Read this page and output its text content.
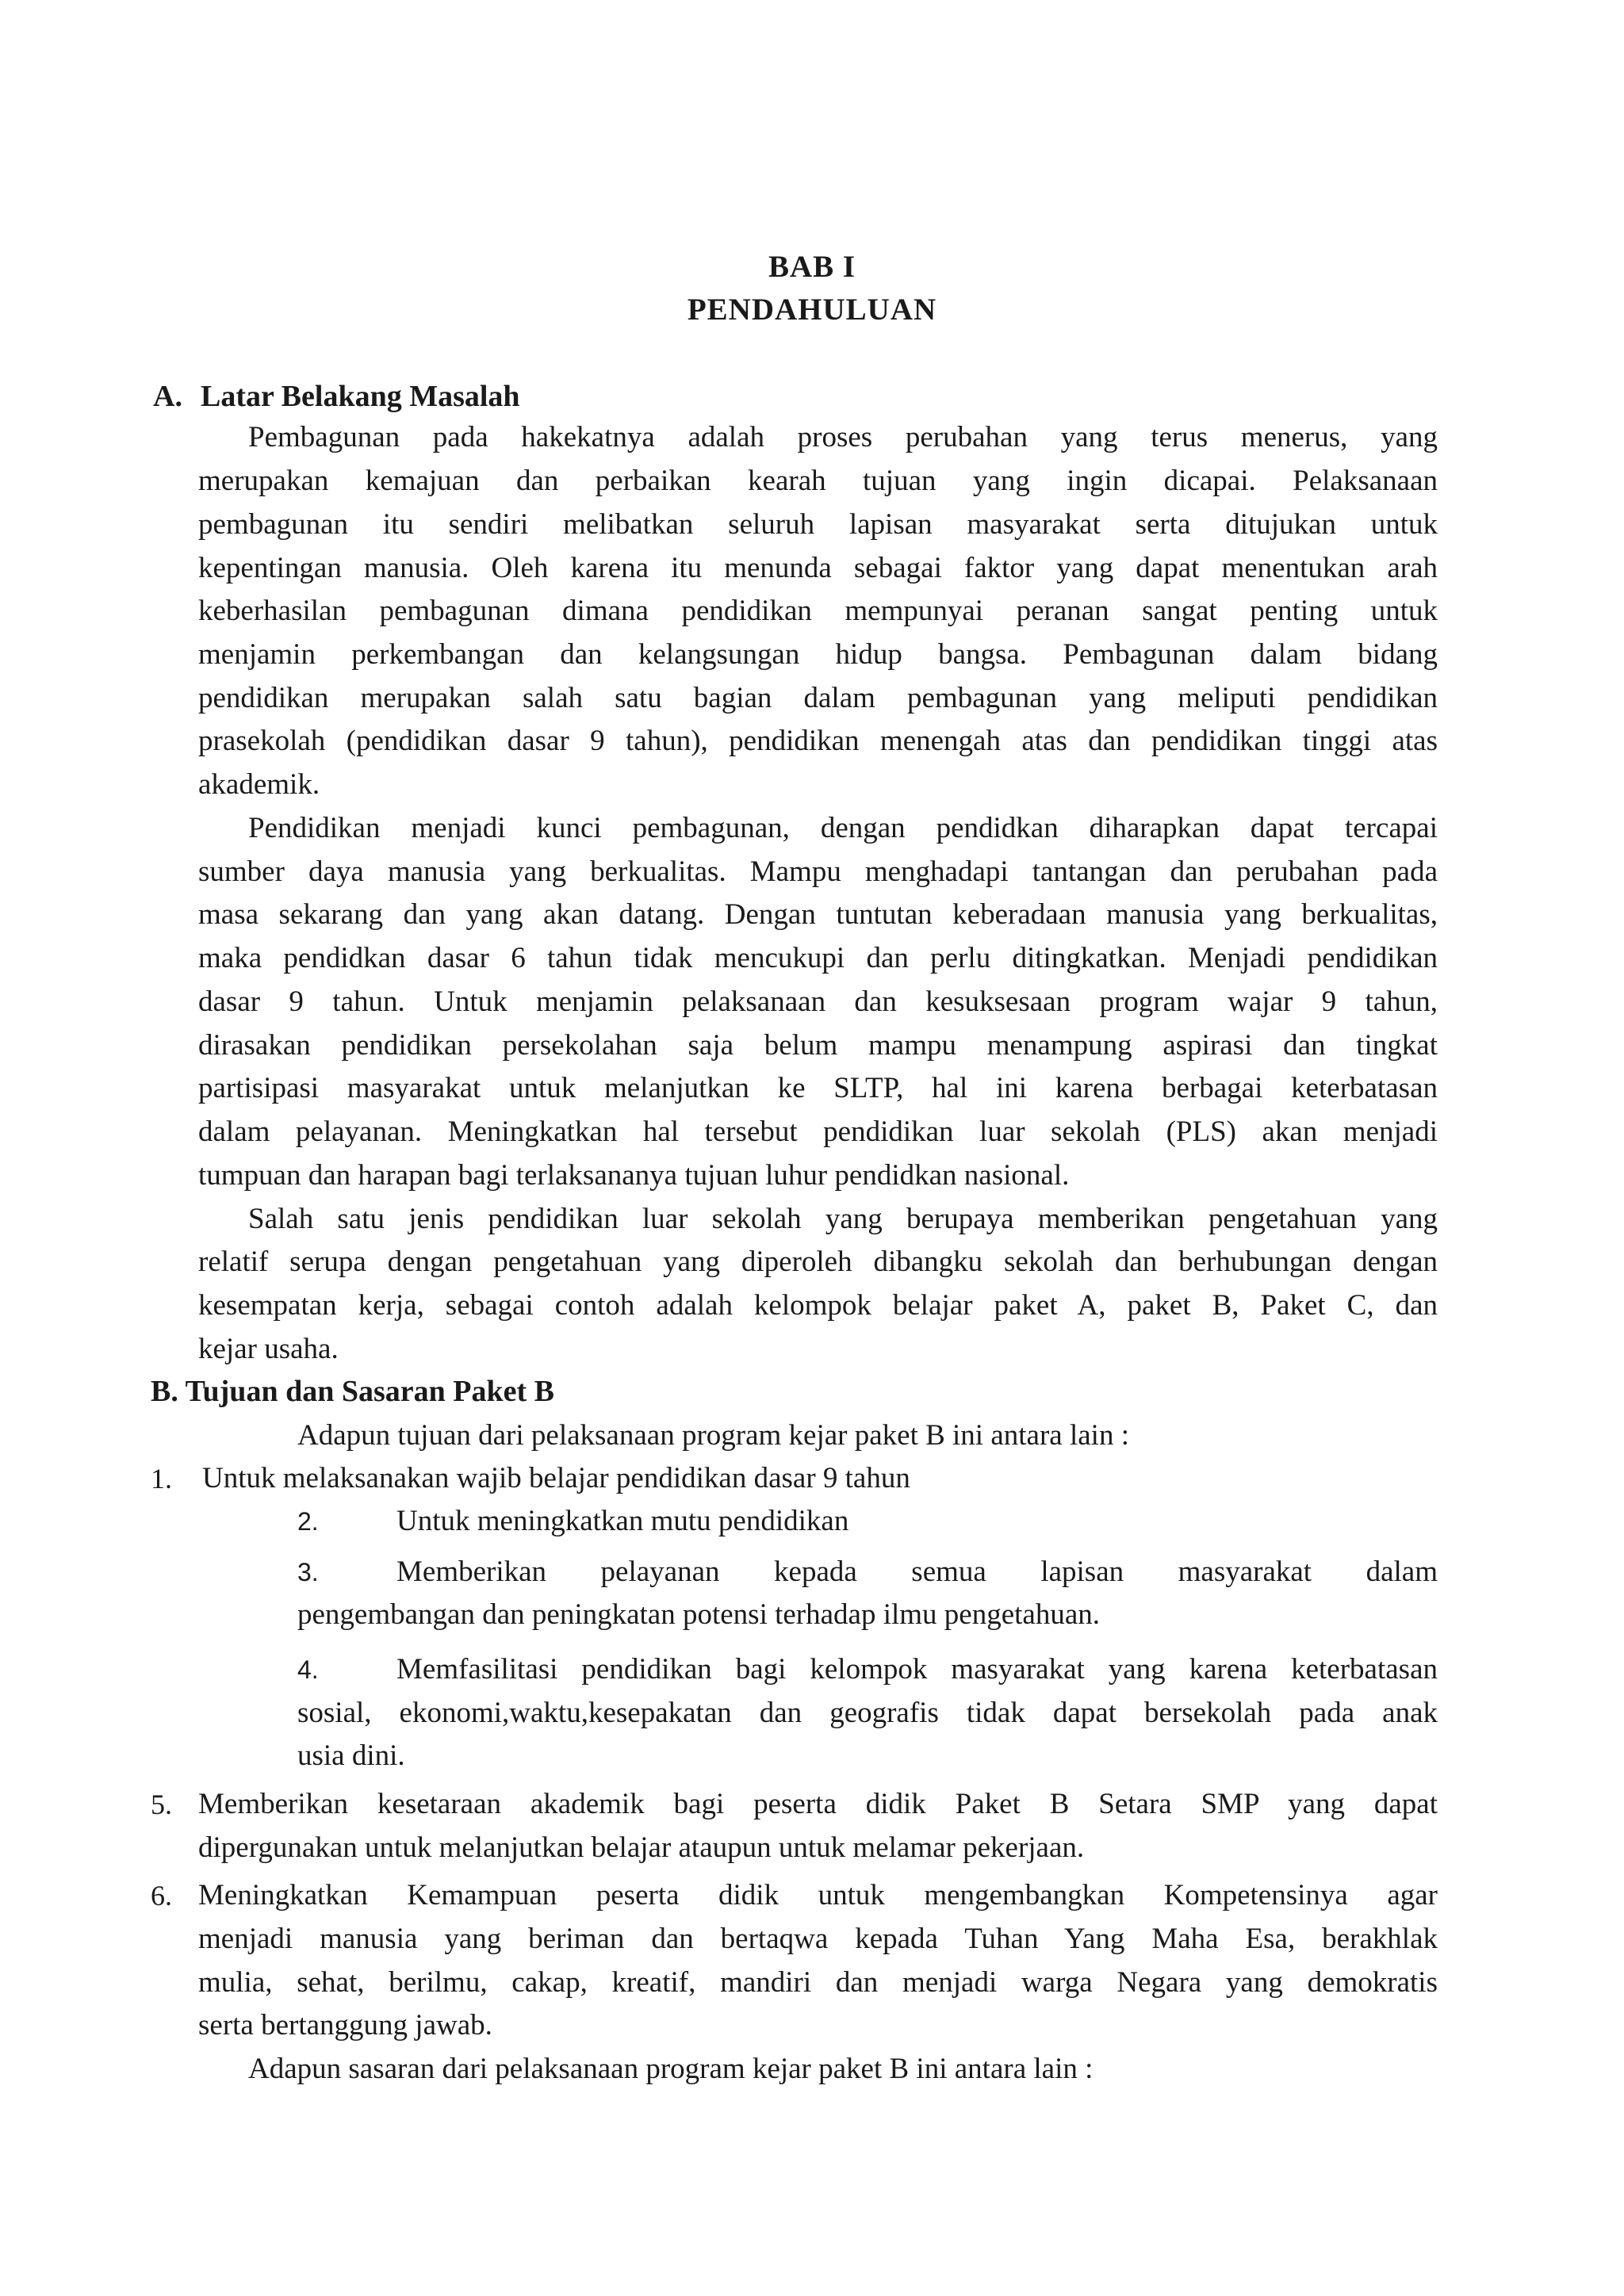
BAB I
PENDAHULUAN
A. Latar Belakang Masalah
Pembagunan pada hakekatnya adalah proses perubahan yang terus menerus, yang
merupakan kemajuan dan perbaikan kearah tujuan yang ingin dicapai. Pelaksanaan
pembagunan itu sendiri melibatkan seluruh lapisan masyarakat serta ditujukan untuk
kepentingan manusia. Oleh karena itu menunda sebagai faktor yang dapat menentukan arah
keberhasilan pembagunan dimana pendidikan mempunyai peranan sangat penting untuk
menjamin perkembangan dan kelangsungan hidup bangsa. Pembagunan dalam bidang
pendidikan merupakan salah satu bagian dalam pembagunan yang meliputi pendidikan
prasekolah (pendidikan dasar 9 tahun), pendidikan menengah atas dan pendidikan tinggi atas
akademik.
Pendidikan menjadi kunci pembagunan, dengan pendidkan diharapkan dapat tercapai
sumber daya manusia yang berkualitas. Mampu menghadapi tantangan dan perubahan pada
masa sekarang dan yang akan datang. Dengan tuntutan keberadaan manusia yang berkualitas,
maka pendidkan dasar 6 tahun tidak mencukupi dan perlu ditingkatkan. Menjadi pendidikan
dasar 9 tahun. Untuk menjamin pelaksanaan dan kesuksesaan program wajar 9 tahun,
dirasakan pendidikan persekolahan saja belum mampu menampung aspirasi dan tingkat
partisipasi masyarakat untuk melanjutkan ke SLTP, hal ini karena berbagai keterbatasan
dalam pelayanan. Meningkatkan hal tersebut pendidikan luar sekolah (PLS) akan menjadi
tumpuan dan harapan bagi terlaksananya tujuan luhur pendidkan nasional.
Salah satu jenis pendidikan luar sekolah yang berupaya memberikan pengetahuan yang
relatif serupa dengan pengetahuan yang diperoleh dibangku sekolah dan berhubungan dengan
kesempatan kerja, sebagai contoh adalah kelompok belajar paket A, paket B, Paket C, dan
kejar usaha.
B. Tujuan dan Sasaran Paket B
Adapun tujuan dari pelaksanaan program kejar paket B ini antara lain :
1. Untuk melaksanakan wajib belajar pendidikan dasar 9 tahun
2.	Untuk meningkatkan mutu pendidikan
3.	Memberikan pelayanan kepada semua lapisan masyarakat dalam
pengembangan dan peningkatan potensi terhadap ilmu pengetahuan.
4.	Memfasilitasi pendidikan bagi kelompok masyarakat yang karena keterbatasan
sosial, ekonomi,waktu,kesepakatan dan geografis tidak dapat bersekolah pada anak
usia dini.
5. Memberikan kesetaraan akademik bagi peserta didik Paket B Setara SMP yang dapat
dipergunakan untuk melanjutkan belajar ataupun untuk melamar pekerjaan.
6. Meningkatkan Kemampuan peserta didik untuk mengembangkan Kompetensinya agar
menjadi manusia yang beriman dan bertaqwa kepada Tuhan Yang Maha Esa, berakhlak
mulia, sehat, berilmu, cakap, kreatif, mandiri dan menjadi warga Negara yang demokratis
serta bertanggung jawab.
Adapun sasaran dari pelaksanaan program kejar paket B ini antara lain :
